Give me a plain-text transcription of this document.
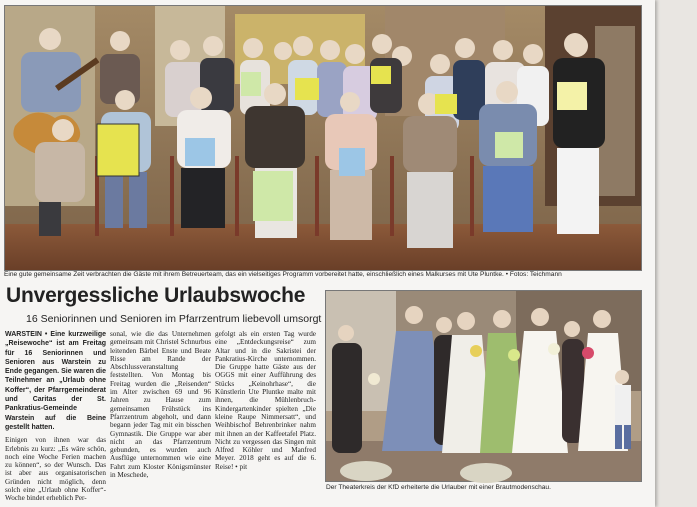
Eine gute gemeinsame Zeit verbrachten die Gäste mit ihrem Betreuerteam, das ein vielseitiges Programm vorbereitet hatte, einschließlich eines Malkurses mit Ute Pluntke. • Fotos: Teichmann
Unvergessliche Urlaubswoche
16 Seniorinnen und Senioren im Pfarrzentrum liebevoll umsorgt

WARSTEIN • Eine kurzweilige „Reisewoche“ ist am Freitag für 16 Seniorinnen und Senioren aus Warstein zu Ende gegangen. Sie waren die Teilnehmer an „Urlaub ohne Koffer“, der Pfarrgemeinderat und Caritas der St. Pankratius-Gemeinde Warstein auf die Beine gestellt hatten.

Einigen von ihnen war das Erlebnis zu kurz: „Es wäre schön, noch eine Woche Ferien machen zu können“, so der Wunsch. Das ist aber aus organisatorischen Gründen nicht möglich, denn solch eine „Urlaub ohne Koffer“-Woche bindet erheblich Per-

sonal, wie die das Unternehmen gemeinsam mit Christel Schnurbus leitenden Bärbel Enste und Beate Risse am Rande der Abschlussveranstaltung feststellten. Von Montag bis Freitag wurden die „Reisenden“ im Alter zwischen 69 und 96 Jahren zu Hause zum gemeinsamen Frühstück ins Pfarrzentrum abgeholt, und dann begann jeder Tag mit ein bisschen Gymnastik. Die Gruppe war aber nicht an das Pfarrzentrum gebunden, es wurden auch Ausflüge unternommen wie eine Fahrt zum Kloster Königsmünster in Meschede,

gefolgt als ein ersten Tag wurde eine „Entdeckungsreise“ zum Altar und in die Sakristei der Pankratius-Kirche unternommen. Die Gruppe hatte Gäste aus der OGGS mit einer Aufführung des Stücks „Keinohrhase“, die Künstlerin Ute Pluntke malte mit ihnen, die Mühlenbruch-Kindergartenkinder spielten „Die kleine Raupe Nimmersatt“, und Weihbischof Behrenbrinker nahm mit ihnen an der Kaffeetafel Platz. Nicht zu vergessen das Singen mit Alfred Köhler und Manfred Meyer. 2018 geht es auf die 6. Reise! • pit

Der Theaterkreis der KfD erheiterte die Urlauber mit einer Brautmodenschau.
